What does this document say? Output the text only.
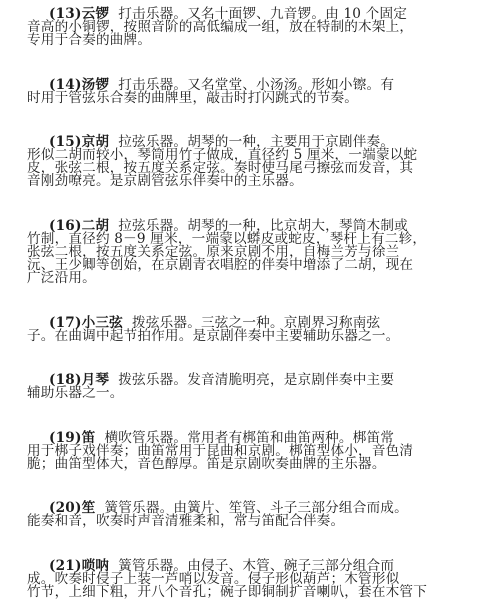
(13)云锣 打击乐器。又名十面锣、九音锣。由 10 个固定
音高的小铜锣，按照音阶的高低编成一组，放在特制的木架上，
专用于合奏的曲牌。
(14)汤锣 打击乐器。又名堂堂、小汤汤。形如小镲。有
时用于管弦乐合奏的曲牌里，敲击时打闪跳式的节奏。
(15)京胡 拉弦乐器。胡琴的一种，主要用于京剧伴奏。
形似二胡而较小，琴筒用竹子做成，直径约 5 厘米，一端蒙以蛇
皮，张弦二根，按五度关系定弦。奏时使马尾弓擦弦而发音，其
音刚劲嘹亮。是京剧管弦乐伴奏中的主乐器。
(16)二胡 拉弦乐器。胡琴的一种，比京胡大，琴筒木制或
竹制，直径约 8－9 厘米，一端蒙以蟒皮或蛇皮，琴杆上有二轸，
张弦二根，按五度关系定弦。原来京剧不用，自梅兰芳与徐兰
沅、王少卿等创始，在京剧青衣唱腔的伴奏中增添了二胡，现在
广泛沿用。
(17)小三弦 拨弦乐器。三弦之一种。京剧界习称南弦
子。在曲调中起节拍作用。是京剧伴奏中主要辅助乐器之一。
(18)月琴 拨弦乐器。发音清脆明亮，是京剧伴奏中主要
辅助乐器之一。
(19)笛 横吹管乐器。常用者有梆笛和曲笛两种。梆笛常
用于梆子戏伴奏；曲笛常用于昆曲和京剧。梆笛型体小，音色清
脆；曲笛型体大，音色醇厚。笛是京剧吹奏曲牌的主乐器。
(20)笙 簧管乐器。由簧片、笙管、斗子三部分组合而成。
能奏和音，吹奏时声音清雅柔和，常与笛配合伴奏。
(21)唢呐 簧管乐器。由侵子、木管、碗子三部分组合而
成。吹奏时侵子上装一芦哨以发音。侵子形似葫芦；木管形似
竹节，上细下粗，开八个音孔；碗子即铜制扩音喇叭，套在木管下
